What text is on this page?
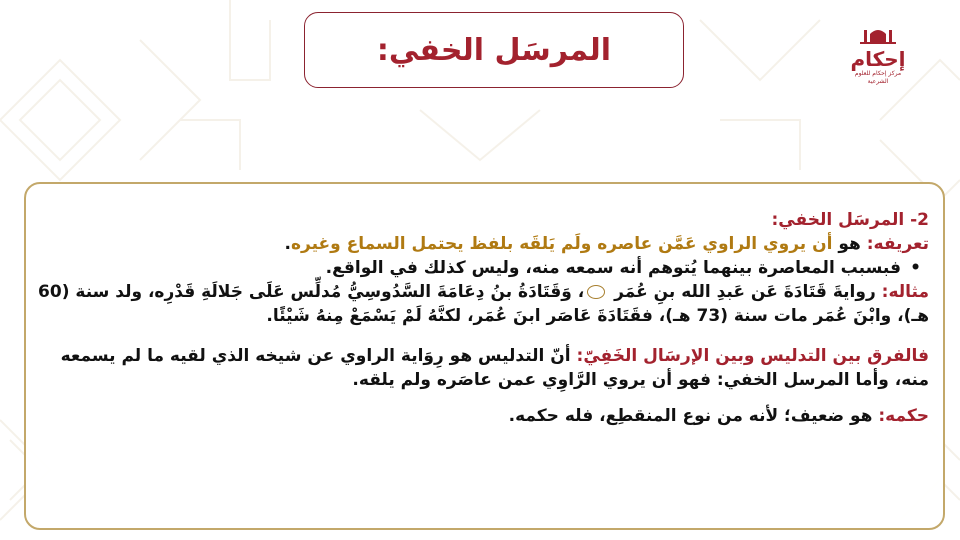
المرسَل الخفي:	إحكام
مركز إحكام للعلوم الشرعية

2- المرسَل الخفي:

تعريفه: هو أن يروي الراوي عَمَّن عاصره ولَم يَلقَه بلفظ يحتمل السماع وغيره.

• فبسبب المعاصرة بينهما يُتوهم أنه سمعه منه، وليس كذلك في الواقع.

مثاله: روايةَ قَتَادَةَ عَن عَبدِ الله بنِ عُمَر ، وَقَتَادَةُ بنُ دِعَامَةَ السَّدُوسِيُّ مُدلِّس عَلَى جَلالَةِ قَدْرِه، ولد سنة (60 هـ)، وابْنَ عُمَر مات سنة (73 هـ)، فقَتَادَةَ عَاصَر ابنَ عُمَر، لكنَّهُ لَمْ يَسْمَعْ مِنهُ شَيْئًا.

فالفرق بين التدليس وبين الإرسَال الخَفِيّ: أنّ التدليس هو رِوَاية الراوي عن شيخه الذي لقيه ما لم يسمعه منه، وأما المرسل الخفي: فهو أن يروي الرَّاوِي عمن عاصَره ولم يلقه.

حكمه: هو ضعيف؛ لأنه من نوع المنقطِع، فله حكمه.
